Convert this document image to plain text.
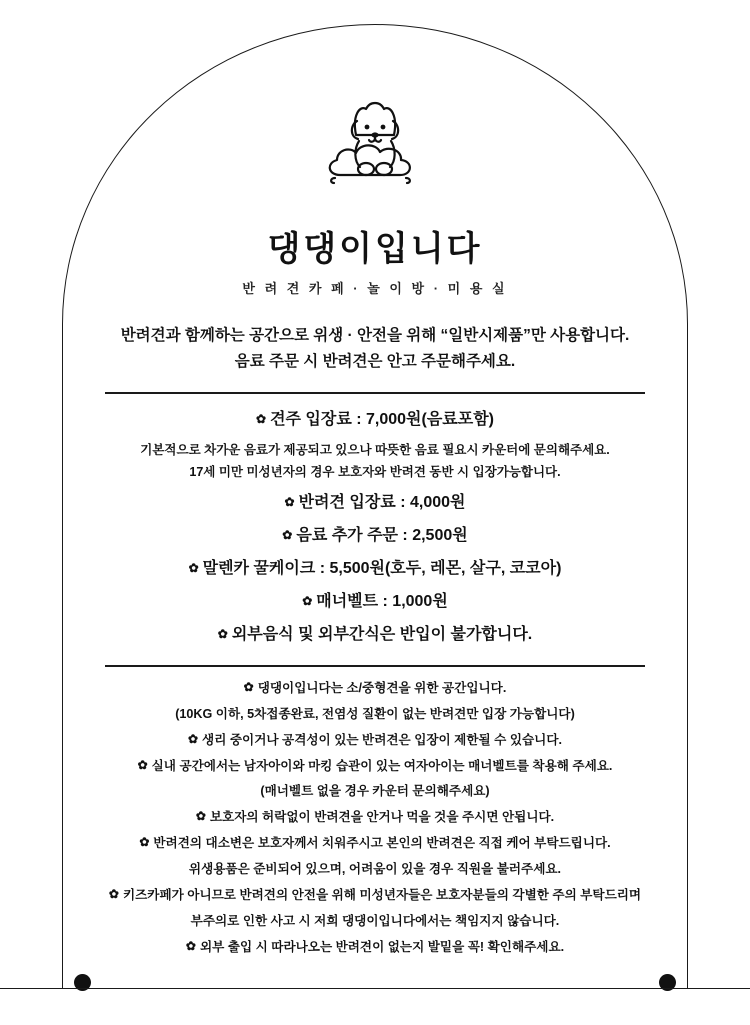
댕댕이입니다
반 려 견 카 페 · 놀 이 방 · 미 용 실
반려견과 함께하는 공간으로 위생 · 안전을 위해 “일반시제품”만 사용합니다.
음료 주문 시 반려견은 안고 주문해주세요.
✿ 견주 입장료 : 7,000원(음료포함)
기본적으로 차가운 음료가 제공되고 있으나 따뜻한 음료 필요시 카운터에 문의해주세요.
17세 미만 미성년자의 경우 보호자와 반려견 동반 시 입장가능합니다.
✿ 반려견 입장료 : 4,000원
✿ 음료 추가 주문 : 2,500원
✿ 말렌카 꿀케이크 : 5,500원(호두, 레몬, 살구, 코코아)
✿ 매너벨트 : 1,000원
✿ 외부음식 및 외부간식은 반입이 불가합니다.
✿ 댕댕이입니다는 소/중형견을 위한 공간입니다.
(10KG 이하, 5차접종완료, 전염성 질환이 없는 반려견만 입장 가능합니다)
✿ 생리 중이거나 공격성이 있는 반려견은 입장이 제한될 수 있습니다.
✿ 실내 공간에서는 남자아이와 마킹 습관이 있는 여자아이는 매너벨트를 착용해 주세요.
(매너벨트 없을 경우 카운터 문의해주세요)
✿ 보호자의 허락없이 반려견을 안거나 먹을 것을 주시면 안됩니다.
✿ 반려견의 대소변은 보호자께서 치워주시고 본인의 반려견은 직접 케어 부탁드립니다.
위생용품은 준비되어 있으며, 어려움이 있을 경우 직원을 불러주세요.
✿ 키즈카페가 아니므로 반려견의 안전을 위해 미성년자들은 보호자분들의 각별한 주의 부탁드리며
부주의로 인한 사고 시 저희 댕댕이입니다에서는 책임지지 않습니다.
✿ 외부 출입 시 따라나오는 반려견이 없는지 발밑을 꼭! 확인해주세요.
